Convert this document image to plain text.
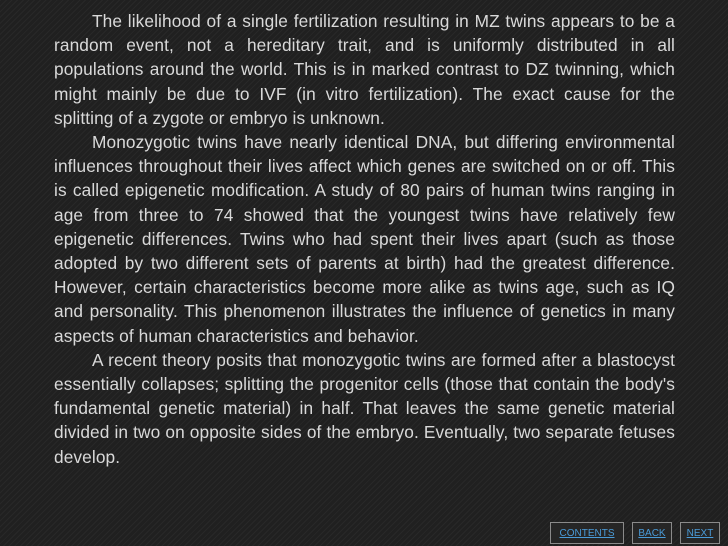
The likelihood of a single fertilization resulting in MZ twins appears to be a random event, not a hereditary trait, and is uniformly distributed in all populations around the world. This is in marked contrast to DZ twinning, which might mainly be due to IVF (in vitro fertilization). The exact cause for the splitting of a zygote or embryo is unknown.

Monozygotic twins have nearly identical DNA, but differing environmental influences throughout their lives affect which genes are switched on or off. This is called epigenetic modification. A study of 80 pairs of human twins ranging in age from three to 74 showed that the youngest twins have relatively few epigenetic differences. Twins who had spent their lives apart (such as those adopted by two different sets of parents at birth) had the greatest difference. However, certain characteristics become more alike as twins age, such as IQ and personality. This phenomenon illustrates the influence of genetics in many aspects of human characteristics and behavior.

A recent theory posits that monozygotic twins are formed after a blastocyst essentially collapses; splitting the progenitor cells (those that contain the body's fundamental genetic material) in half. That leaves the same genetic material divided in two on opposite sides of the embryo. Eventually, two separate fetuses develop.

CONTENTS	BACK	NEXT
